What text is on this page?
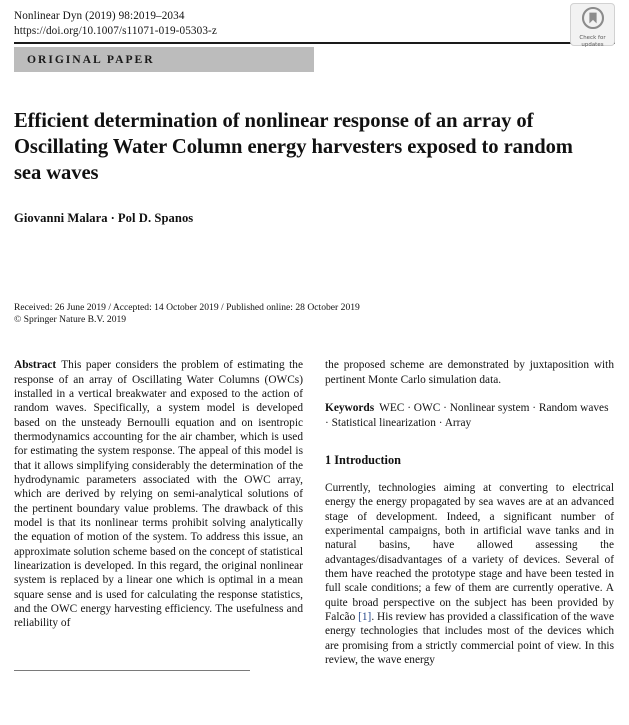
Nonlinear Dyn (2019) 98:2019–2034
https://doi.org/10.1007/s11071-019-05303-z
Check for
updates
ORIGINAL PAPER
Efficient determination of nonlinear response of an array of Oscillating Water Column energy harvesters exposed to random sea waves
Giovanni Malara · Pol D. Spanos
Received: 26 June 2019 / Accepted: 14 October 2019 / Published online: 28 October 2019
© Springer Nature B.V. 2019

Abstract This paper considers the problem of estimating the response of an array of Oscillating Water Columns (OWCs) installed in a vertical breakwater and exposed to the action of random waves. Specifically, a system model is developed based on the unsteady Bernoulli equation and on isentropic thermodynamics accounting for the air chamber, which is used for estimating the system response. The appeal of this model is that it allows simplifying considerably the determination of the hydrodynamic parameters associated with the OWC array, which are derived by relying on semi-analytical solutions of the pertinent boundary value problems. The drawback of this model is that its nonlinear terms prohibit solving analytically the equation of motion of the system. To address this issue, an approximate solution scheme based on the concept of statistical linearization is developed. In this regard, the original nonlinear system is replaced by a linear one which is optimal in a mean square sense and is used for calculating the response statistics, and the OWC energy harvesting efficiency. The usefulness and reliability of

the proposed scheme are demonstrated by juxtaposition with pertinent Monte Carlo simulation data.

Keywords WEC · OWC · Nonlinear system · Random waves · Statistical linearization · Array
1 Introduction

Currently, technologies aiming at converting to electrical energy the energy propagated by sea waves are at an advanced stage of development. Indeed, a significant number of experimental campaigns, both in artificial wave tanks and in natural basins, have allowed assessing the advantages/disadvantages of a variety of devices. Several of them have reached the prototype stage and have been tested in full scale conditions; a few of them are currently operative. A quite broad perspective on the subject has been provided by Falcão [1]. His review has provided a classification of the wave energy technologies that includes most of the devices which are promising from a strictly commercial point of view. In this review, the wave energy
